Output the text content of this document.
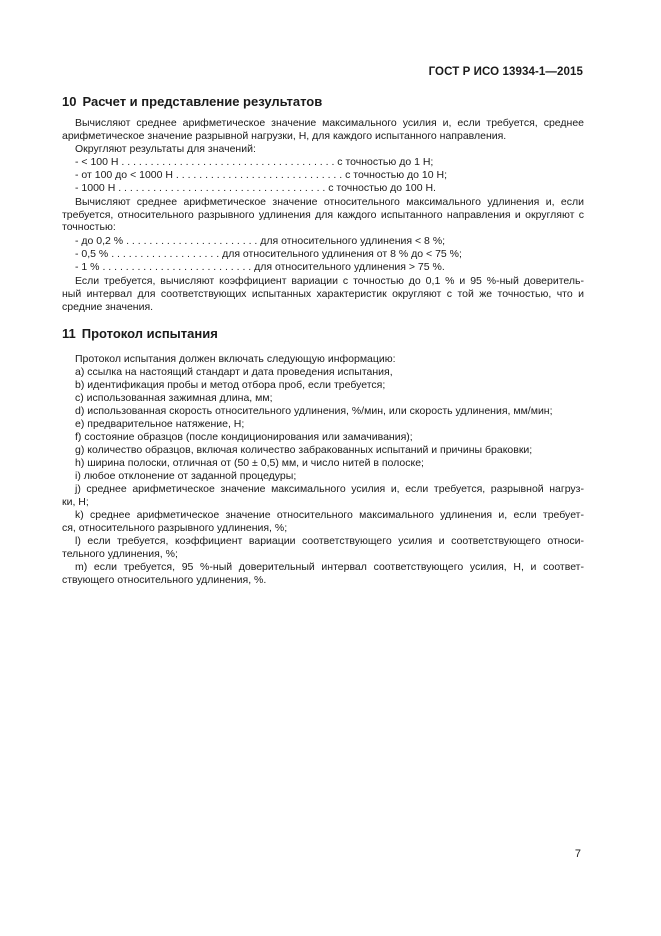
ГОСТ Р ИСО 13934-1—2015
10 Расчет и представление результатов
Вычисляют среднее арифметическое значение максимального усилия и, если требуется, среднее
арифметическое значение разрывной нагрузки, Н, для каждого испытанного направления.
Округляют результаты для значений:
- < 100 Н . . . . . . . . . . . . . . . . . . . . . . . . . . . . . . . . . . . . . с точностью до 1 Н;
- от 100 до < 1000 Н . . . . . . . . . . . . . . . . . . . . . . . . . . . . . с точностью до 10 Н;
- 1000 Н . . . . . . . . . . . . . . . . . . . . . . . . . . . . . . . . . . . . с точностью до 100 Н.
Вычисляют среднее арифметическое значение относительного максимального удлинения и, если
требуется, относительного разрывного удлинения для каждого испытанного направления и округляют с
точностью:
- до 0,2 % . . . . . . . . . . . . . . . . . . . . . . . для относительного удлинения < 8 %;
- 0,5 % . . . . . . . . . . . . . . . . . . . для относительного удлинения от 8 % до < 75 %;
- 1 % . . . . . . . . . . . . . . . . . . . . . . . . . . для относительного удлинения > 75 %.
Если требуется, вычисляют коэффициент вариации с точностью до 0,1 % и 95 %-ный доверитель-
ный интервал для соответствующих испытанных характеристик округляют с той же точностью, что и
средние значения.
11 Протокол испытания
Протокол испытания должен включать следующую информацию:
a) ссылка на настоящий стандарт и дата проведения испытания,
b) идентификация пробы и метод отбора проб, если требуется;
c) использованная зажимная длина, мм;
d) использованная скорость относительного удлинения, %/мин, или скорость удлинения, мм/мин;
e) предварительное натяжение, Н;
f) состояние образцов (после кондиционирования или замачивания);
g) количество образцов, включая количество забракованных испытаний и причины браковки;
h) ширина полоски, отличная от (50 ± 0,5) мм, и число нитей в полоске;
i) любое отклонение от заданной процедуры;
j) среднее арифметическое значение максимального усилия и, если требуется, разрывной нагруз-
ки, Н;
k) среднее арифметическое значение относительного максимального удлинения и, если требует-
ся, относительного разрывного удлинения, %;
l) если требуется, коэффициент вариации соответствующего усилия и соответствующего относи-
тельного удлинения, %;
m) если требуется, 95 %-ный доверительный интервал соответствующего усилия, Н, и соответ-
ствующего относительного удлинения, %.
7
